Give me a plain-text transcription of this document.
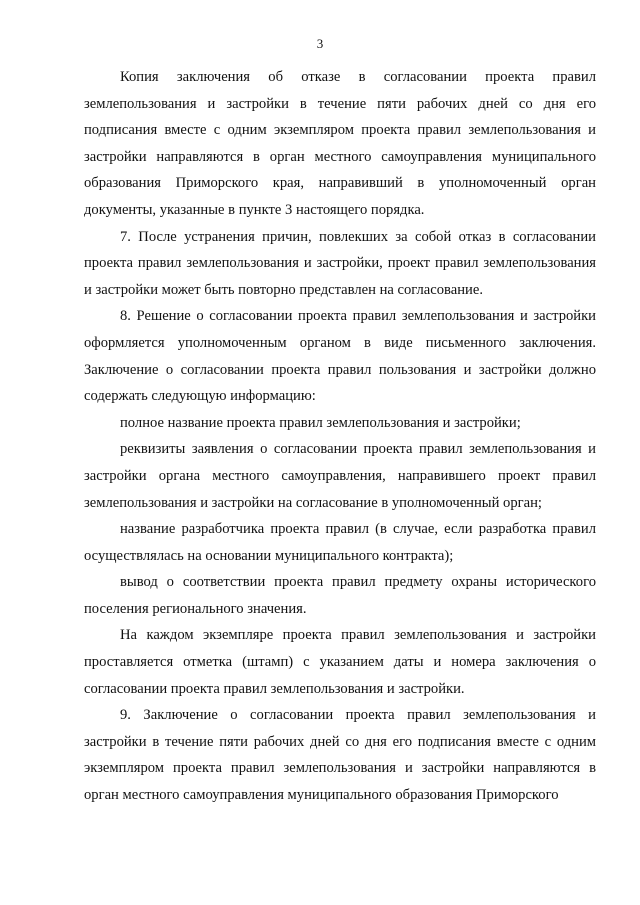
3

Копия заключения об отказе в согласовании проекта правил землепользования и застройки в течение пяти рабочих дней со дня его подписания вместе с одним экземпляром проекта правил землепользования и застройки направляются в орган местного самоуправления муниципального образования Приморского края, направивший в уполномоченный орган документы, указанные в пункте 3 настоящего порядка.

7. После устранения причин, повлекших за собой отказ в согласовании проекта правил землепользования и застройки, проект правил землепользования и застройки может быть повторно представлен на согласование.

8. Решение о согласовании проекта правил землепользования и застройки оформляется уполномоченным органом в виде письменного заключения. Заключение о согласовании проекта правил пользования и застройки должно содержать следующую информацию:

полное название проекта правил землепользования и застройки;

реквизиты заявления о согласовании проекта правил землепользования и застройки органа местного самоуправления, направившего проект правил землепользования и застройки на согласование в уполномоченный орган;

название разработчика проекта правил (в случае, если разработка правил осуществлялась на основании муниципального контракта);

вывод о соответствии проекта правил предмету охраны исторического поселения регионального значения.

На каждом экземпляре проекта правил землепользования и застройки проставляется отметка (штамп) с указанием даты и номера заключения о согласовании проекта правил землепользования и застройки.

9. Заключение о согласовании проекта правил землепользования и застройки в течение пяти рабочих дней со дня его подписания вместе с одним экземпляром проекта правил землепользования и застройки направляются в орган местного самоуправления муниципального образования Приморского
